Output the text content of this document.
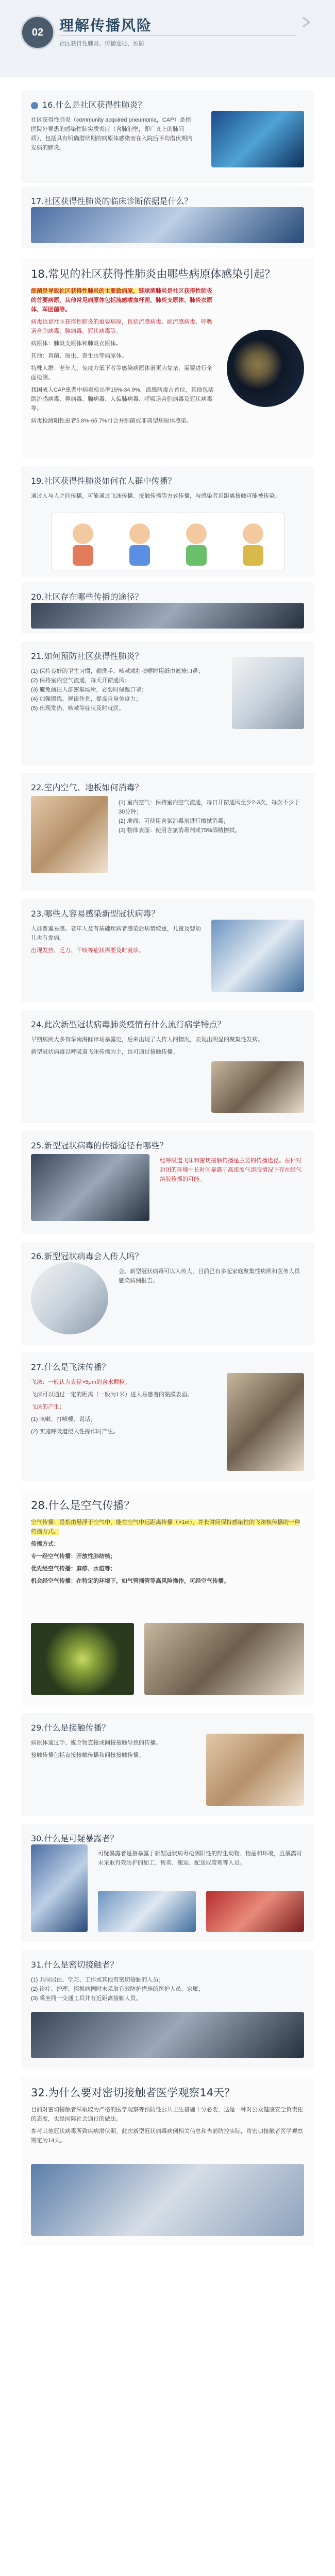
02	理解传播风险
社区获得性肺炎、传播途径、预防

16.什么是社区获得性肺炎？

社区获得性肺炎（community acquired pneumonia，CAP）是指医院外罹患的感染性肺实质炎症（含肺泡壁，即广义上的肺间质），包括具有明确潜伏期的病原体感染而在入院后平均潜伏期内发病的肺炎。

17.社区获得性肺炎的临床诊断依据是什么？

18.常见的社区获得性肺炎由哪些病原体感染引起？

细菌是导致社区获得性肺炎的主要致病原，链球菌肺炎是社区获得性肺炎的首要病原，其他常见病原体包括流感嗜血杆菌、肺炎支原体、肺炎衣原体、军团菌等。

病毒也是社区获得性肺炎的重要病原，包括流感病毒、副流感病毒、呼吸道合胞病毒、腺病毒、冠状病毒等。

病原体：肺炎支原体和肺炎衣原体。

其他：真菌、原虫、寄生虫等病原体。

特殊人群：老年人、免疫力低下者等感染病原体谱更为复杂，需要进行全面检测。

我国成人CAP患者中病毒检出率15%-34.9%，流感病毒占首位，其他包括副流感病毒、鼻病毒、腺病毒、人偏肺病毒、呼吸道合胞病毒及冠状病毒等。

病毒检测阳性患者5.8%-65.7%可合并细菌或非典型病原体感染。

19.社区获得性肺炎如何在人群中传播？

通过人与人之间传播，可能通过飞沫传播、接触传播等方式传播，与感染者近距离接触可能被传染。

20.社区存在哪些传播的途径？

21.如何预防社区获得性肺炎？

(1) 保持良好的卫生习惯，勤洗手，咳嗽或打喷嚏时用纸巾遮掩口鼻；
(2) 保持室内空气流通，每天开窗通风；
(3) 避免前往人群密集场所，必要时佩戴口罩；
(4) 加强锻炼，规律作息，提高自身免疫力；
(5) 出现发热、咳嗽等症状及时就医。

22.室内空气、地板如何消毒？

(1) 室内空气：保持室内空气流通，每日开窗通风至少2-3次，每次不少于30分钟；
(2) 地面：可使用含氯消毒剂进行擦拭消毒；
(3) 物体表面：使用含氯消毒剂或75%酒精擦拭。

23.哪些人容易感染新型冠状病毒？

人群普遍易感。老年人及有基础疾病者感染后病情较重，儿童及婴幼儿也有发病。

出现发热、乏力、干咳等症状需要及时就诊。

24.此次新型冠状病毒肺炎疫情有什么流行病学特点？

早期病例大多有华南海鲜市场暴露史，后来出现了人传人的情况，表现出明显的聚集性发病。

新型冠状病毒以呼吸道飞沫传播为主，也可通过接触传播。

25.新型冠状病毒的传播途径有哪些？

经呼吸道飞沫和密切接触传播是主要的传播途径。在相对封闭的环境中长时间暴露于高浓度气溶胶情况下存在经气溶胶传播的可能。

26.新型冠状病毒会人传人吗？

会。新型冠状病毒可以人传人，目前已有多起家庭聚集性病例和医务人员感染病例报告。

27.什么是飞沫传播？

飞沫：一般认为直径>5μm的含水颗粒。

飞沫可以通过一定的距离（一般为1米）进入易感者的黏膜表面。

飞沫的产生：

(1) 咳嗽、打喷嚏、说话；

(2) 实施呼吸道侵入性操作时产生。

28.什么是空气传播？

空气传播：是指由悬浮于空气中，能在空气中远距离传播（>1m），并长时间保持感染性的飞沫核传播的一种传播方式。

传播方式：

专一经空气传播：开放性肺结核；

优先经空气传播：麻疹、水痘等；

机会经空气传播：在特定的环境下，如气管插管等高风险操作，可经空气传播。

29.什么是接触传播？

病原体通过手、媒介物直接或间接接触导致的传播。

接触传播包括直接接触传播和间接接触传播。

30.什么是可疑暴露者？

可疑暴露者是指暴露于新型冠状病毒检测阳性的野生动物、物品和环境，且暴露时未采取有效防护的加工、售卖、搬运、配送或管理等人员。

31.什么是密切接触者？

(1) 共同居住、学习、工作或其他有密切接触的人员；
(2) 诊疗、护理、探视病例时未采取有效防护措施的医护人员、家属；
(3) 乘坐同一交通工具并有近距离接触人员。

32.为什么要对密切接触者医学观察14天？

目前对密切接触者采取较为严格的医学观察等预防性公共卫生措施十分必要，这是一种对公众健康安全负责任的态度，也是国际社会通行的做法。

参考其他冠状病毒所致疾病潜伏期、此次新型冠状病毒病例相关信息和当前防控实际，将密切接触者医学观察期定为14天。
